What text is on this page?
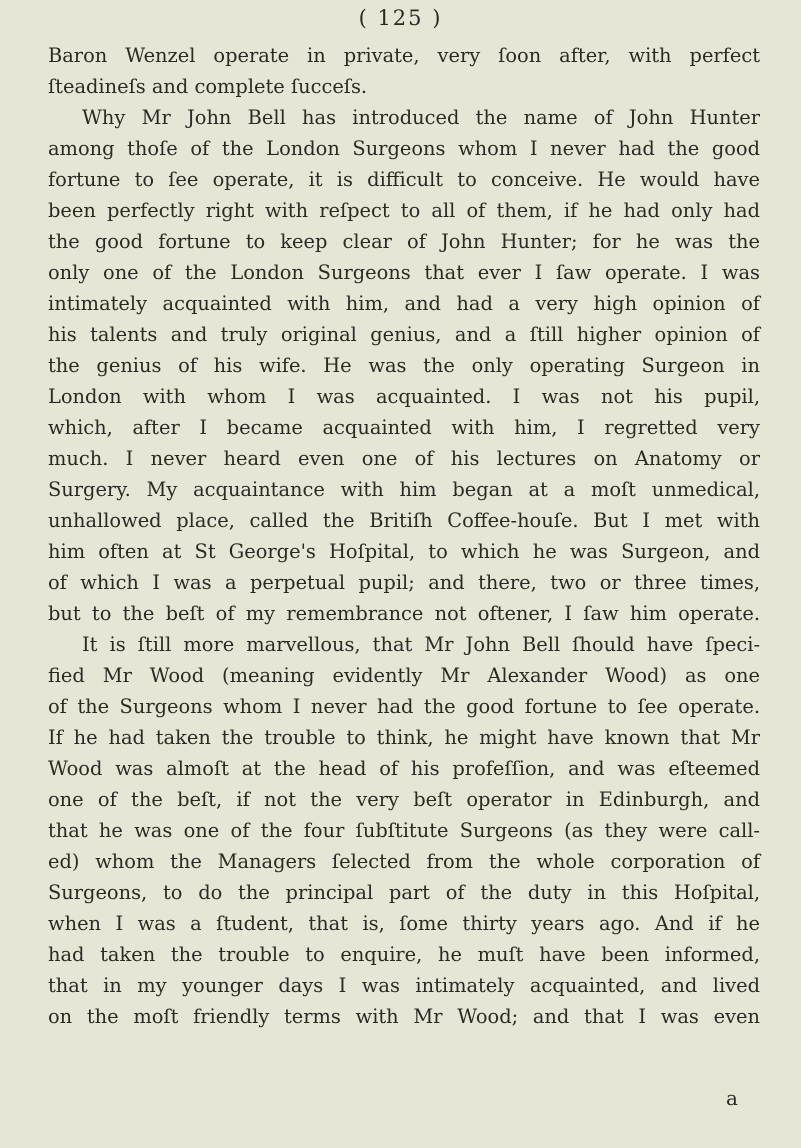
( 125 )
Baron Wenzel operate in private, very ſoon after, with perfect
ſteadineſs and complete ſucceſs.
Why Mr John Bell has introduced the name of John Hunter
among thoſe of the London Surgeons whom I never had the good
fortune to ſee operate, it is difficult to conceive. He would have
been perfectly right with reſpect to all of them, if he had only had
the good fortune to keep clear of John Hunter; for he was the
only one of the London Surgeons that ever I ſaw operate. I was
intimately acquainted with him, and had a very high opinion of
his talents and truly original genius, and a ſtill higher opinion of
the genius of his wife. He was the only operating Surgeon in
London with whom I was acquainted. I was not his pupil,
which, after I became acquainted with him, I regretted very
much. I never heard even one of his lectures on Anatomy or
Surgery. My acquaintance with him began at a moſt unmedical,
unhallowed place, called the Britiſh Coffee-houſe. But I met with
him often at St George's Hoſpital, to which he was Surgeon, and
of which I was a perpetual pupil; and there, two or three times,
but to the beſt of my remembrance not oftener, I ſaw him operate.
It is ſtill more marvellous, that Mr John Bell ſhould have ſpeci-
fied Mr Wood (meaning evidently Mr Alexander Wood) as one
of the Surgeons whom I never had the good fortune to ſee operate.
If he had taken the trouble to think, he might have known that Mr
Wood was almoſt at the head of his profeſſion, and was eſteemed
one of the beſt, if not the very beſt operator in Edinburgh, and
that he was one of the four ſubſtitute Surgeons (as they were call-
ed) whom the Managers ſelected from the whole corporation of
Surgeons, to do the principal part of the duty in this Hoſpital,
when I was a ſtudent, that is, ſome thirty years ago. And if he
had taken the trouble to enquire, he muſt have been informed,
that in my younger days I was intimately acquainted, and lived
on the moſt friendly terms with Mr Wood; and that I was even
a
